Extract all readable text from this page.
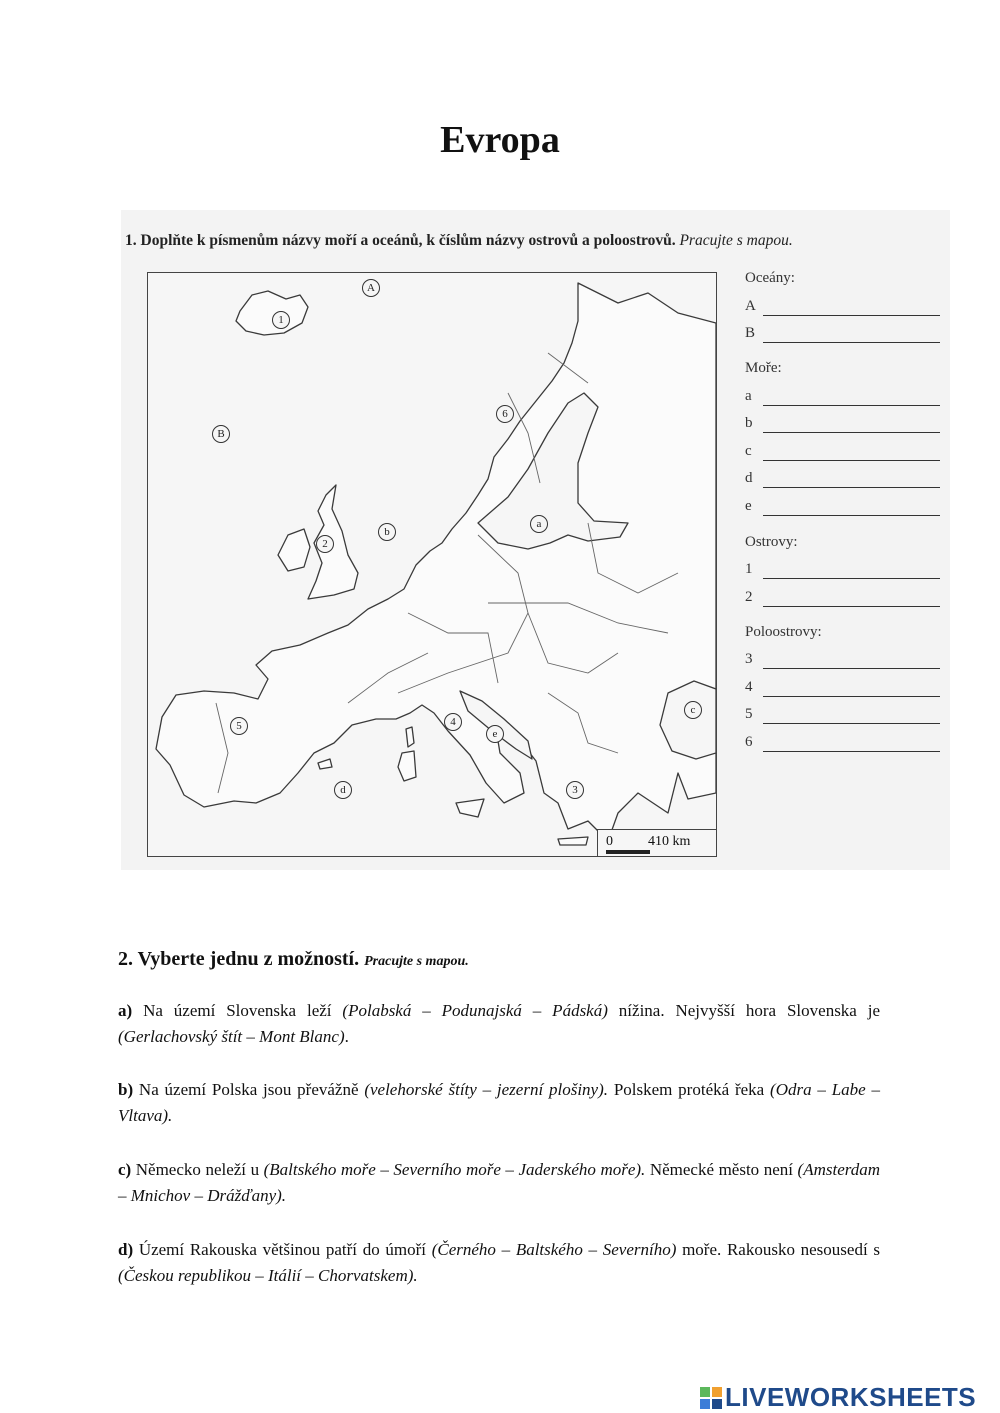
Evropa
1. Doplňte k písmenům názvy moří a oceánů, k číslům názvy ostrovů a poloostrovů. Pracujte s mapou.
A
1
B
6
2
b
a
5	4
e
c
d	3
0	410 km
Oceány:
A
B
Moře:
a
b
c
d
e
Ostrovy:
1
2
Poloostrovy:
3
4
5
6
2. Vyberte jednu z možností. Pracujte s mapou.

a) Na území Slovenska leží (Polabská – Podunajská – Pádská) nížina. Nejvyšší hora Slovenska je (Gerlachovský štít – Mont Blanc).

b) Na území Polska jsou převážně (velehorské štíty – jezerní plošiny). Polskem protéká řeka (Odra – Labe – Vltava).

c) Německo neleží u (Baltského moře – Severního moře – Jaderského moře). Německé město není (Amsterdam – Mnichov – Drážďany).

d) Území Rakouska většinou patří do úmoří (Černého – Baltského – Severního) moře. Rakousko nesousedí s (Českou republikou – Itálií – Chorvatskem).

LIVEWORKSHEETS
